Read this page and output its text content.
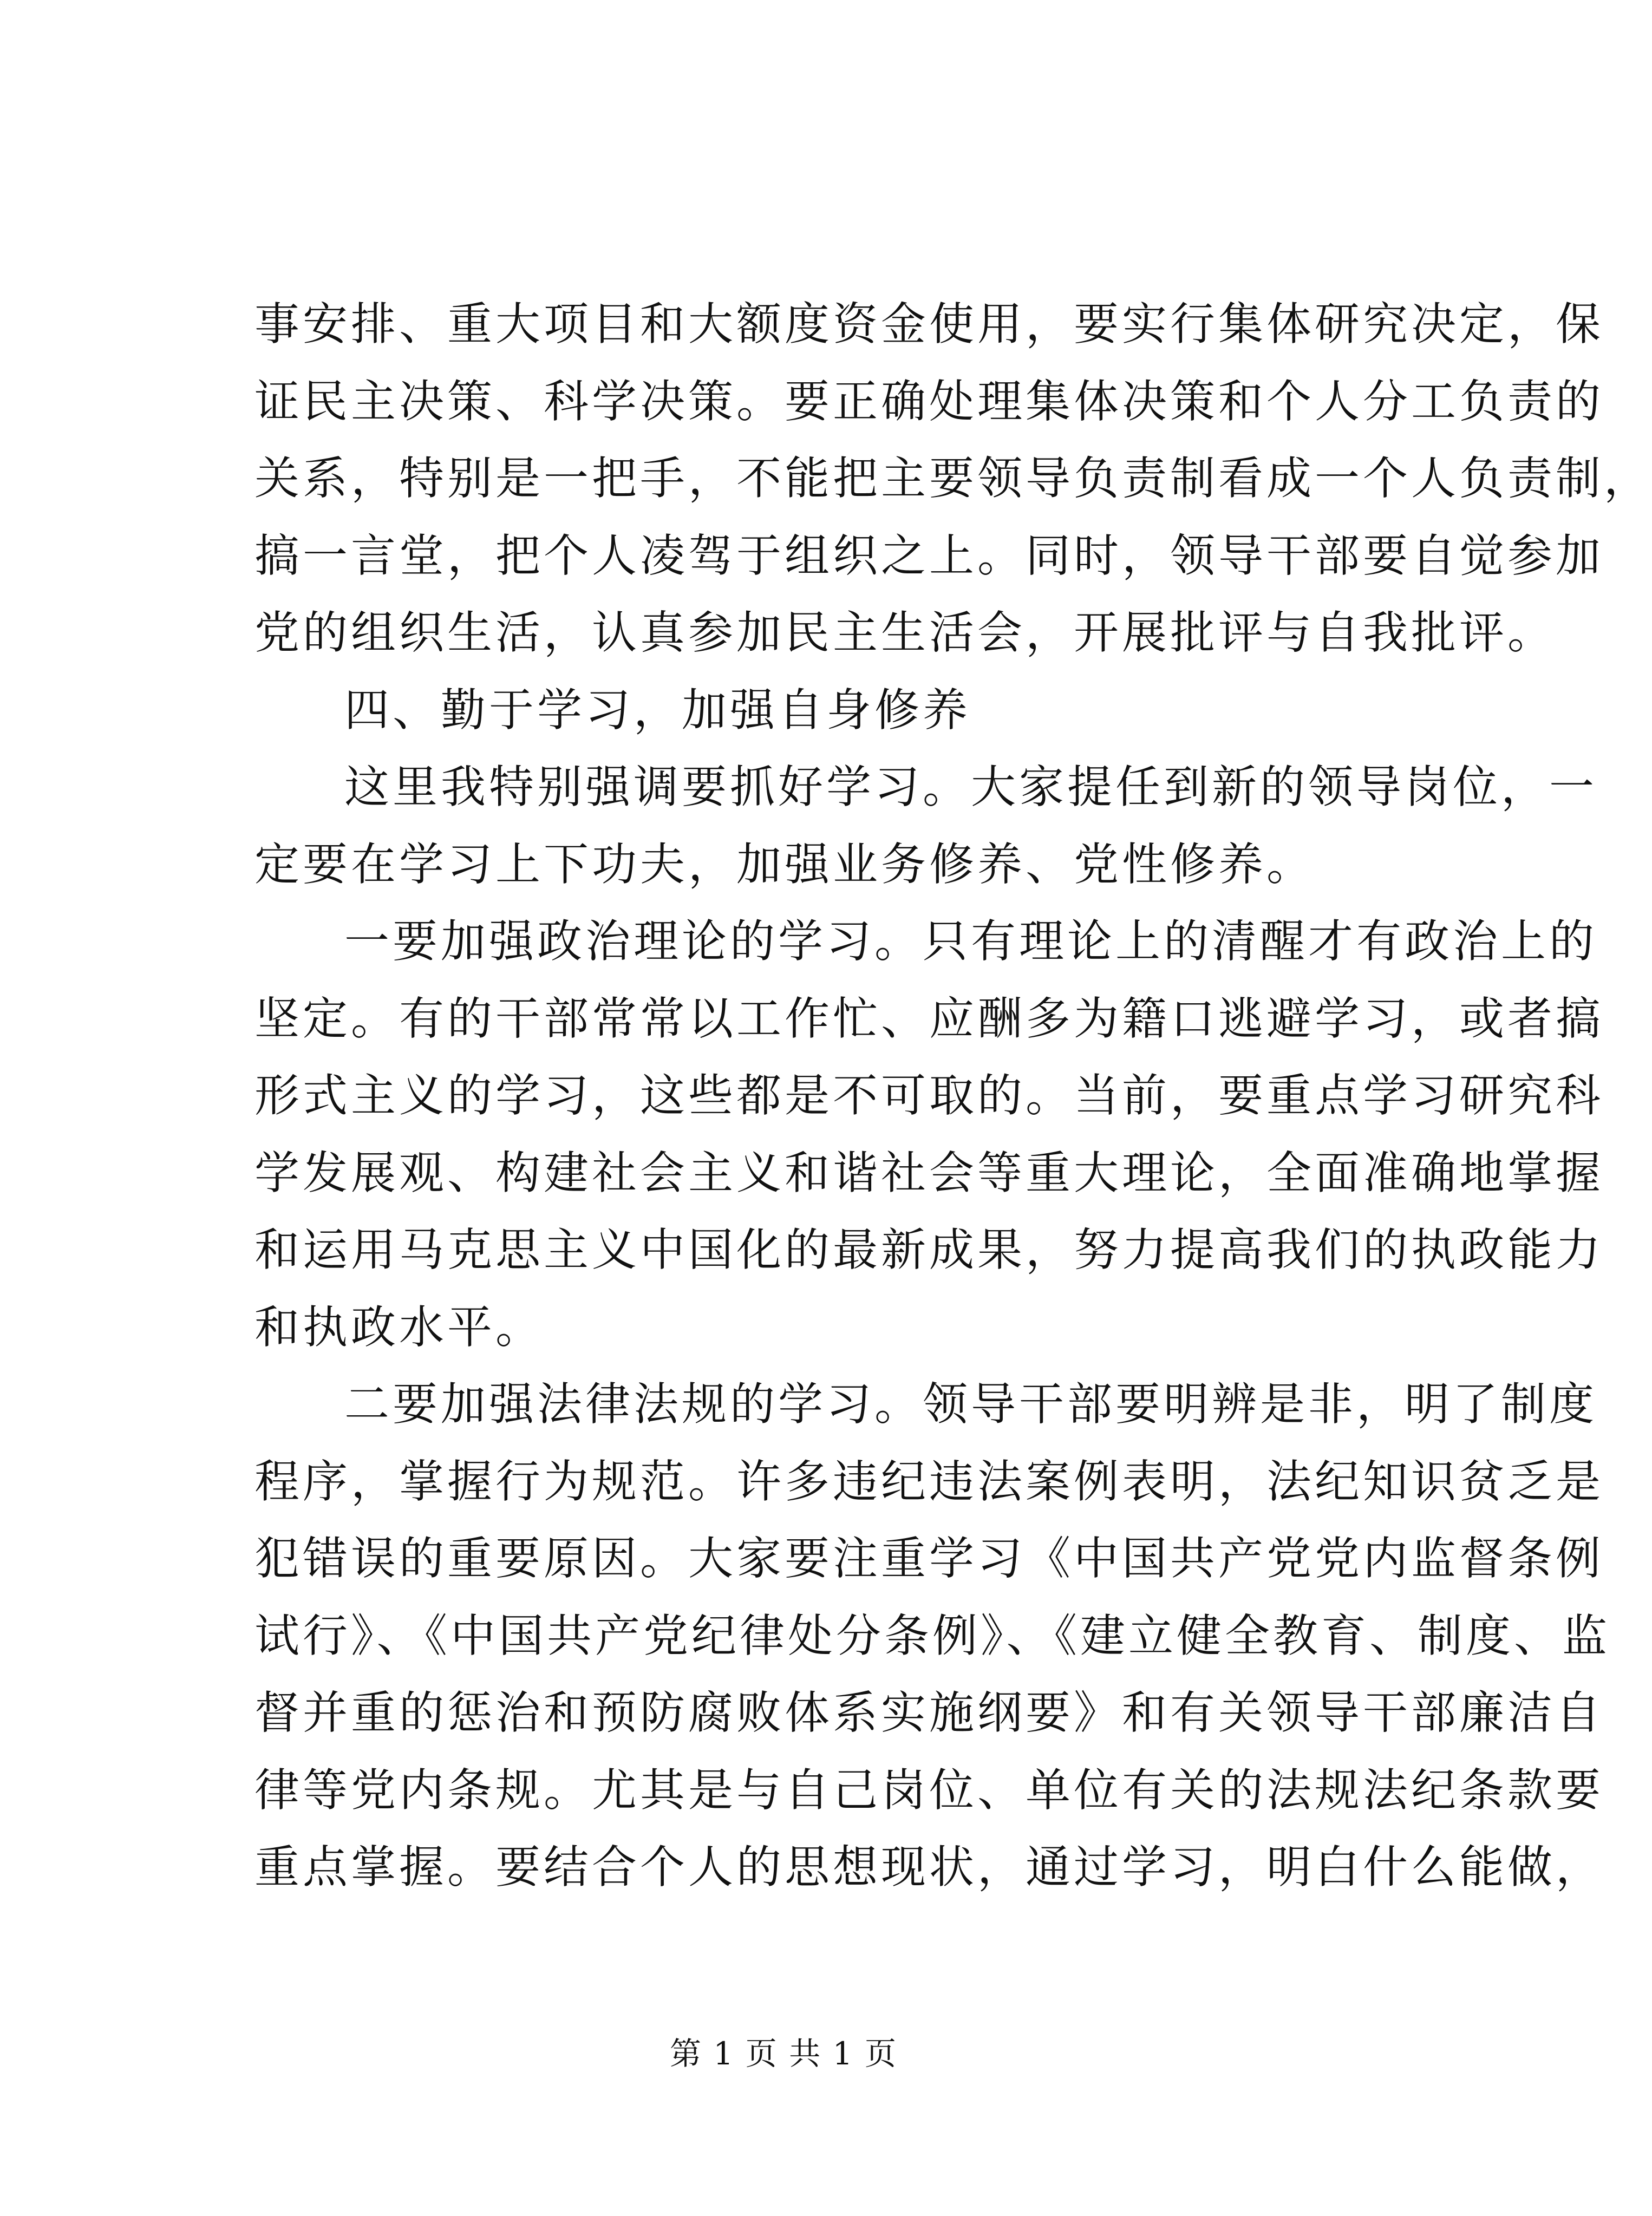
事安排、重大项目和大额度资金使用，要实行集体研究决定，保
证民主决策、科学决策。要正确处理集体决策和个人分工负责的
关系，特别是一把手，不能把主要领导负责制看成一个人负责制，
搞一言堂，把个人凌驾于组织之上。同时，领导干部要自觉参加
党的组织生活，认真参加民主生活会，开展批评与自我批评。
四、勤于学习，加强自身修养
这里我特别强调要抓好学习。大家提任到新的领导岗位，一
定要在学习上下功夫，加强业务修养、党性修养。
一要加强政治理论的学习。只有理论上的清醒才有政治上的
坚定。有的干部常常以工作忙、应酬多为籍口逃避学习，或者搞
形式主义的学习，这些都是不可取的。当前，要重点学习研究科
学发展观、构建社会主义和谐社会等重大理论，全面准确地掌握
和运用马克思主义中国化的最新成果，努力提高我们的执政能力
和执政水平。
二要加强法律法规的学习。领导干部要明辨是非，明了制度
程序，掌握行为规范。许多违纪违法案例表明，法纪知识贫乏是
犯错误的重要原因。大家要注重学习《中国共产党党内监督条例
试行》、《中国共产党纪律处分条例》、《建立健全教育、制度、监
督并重的惩治和预防腐败体系实施纲要》和有关领导干部廉洁自
律等党内条规。尤其是与自己岗位、单位有关的法规法纪条款要
重点掌握。要结合个人的思想现状，通过学习，明白什么能做，
第 1 页 共 1 页
